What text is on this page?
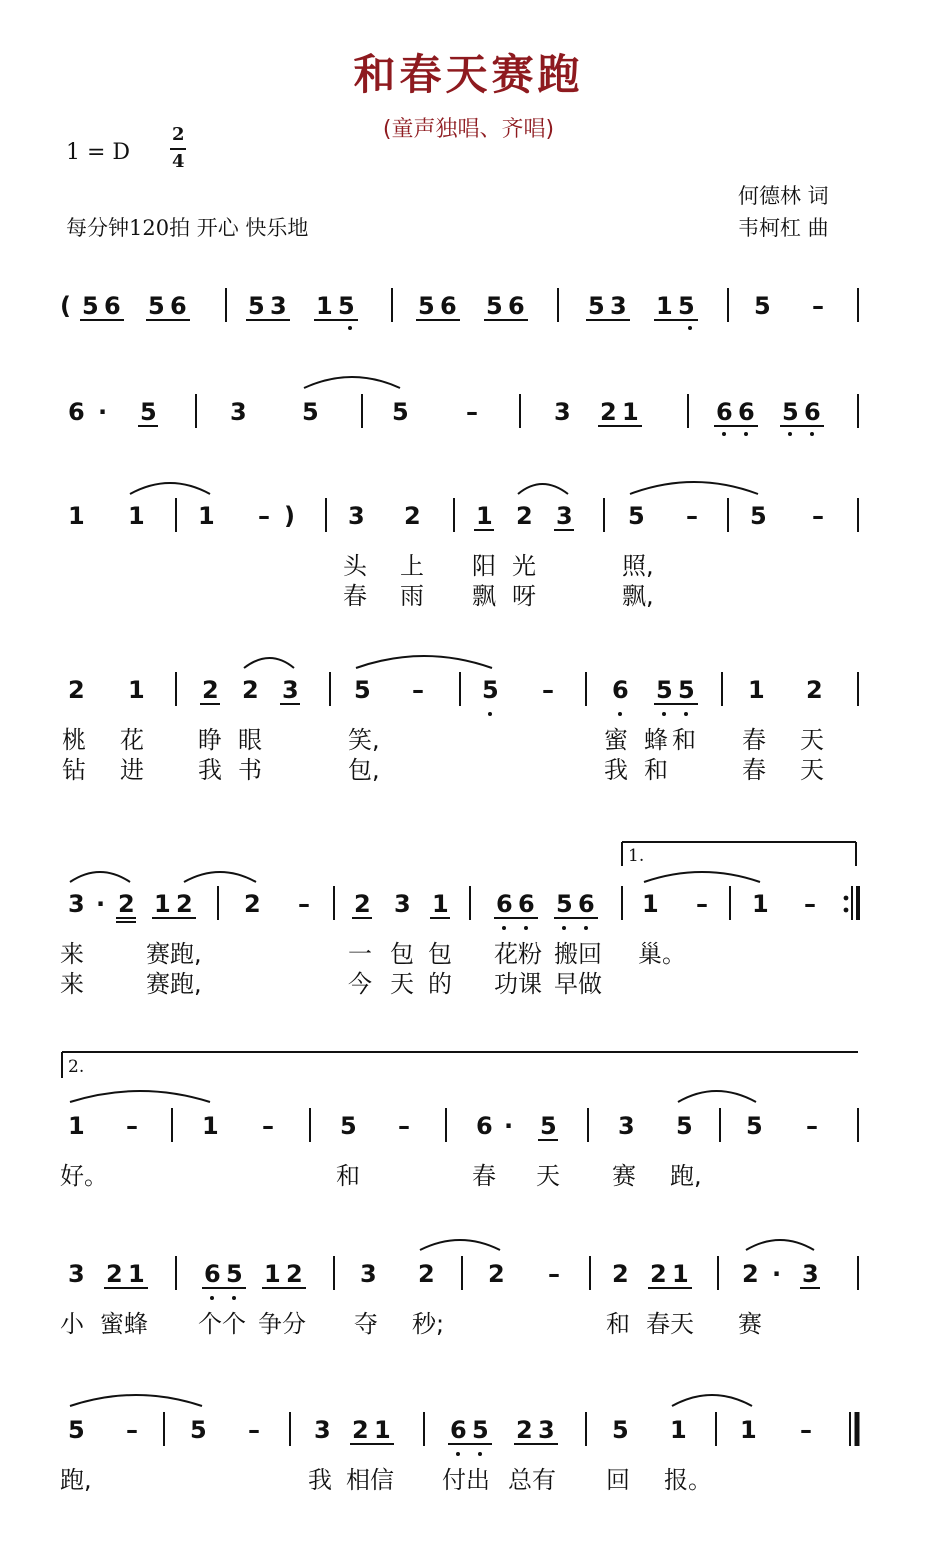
和春天赛跑
(童声独唱、齐唱)
1 = D
2
4
每分钟120拍 开心 快乐地
何德林 词
韦柯杠 曲
( 5 6 5 6	5 3 1 5	5 6 5 6	5 3 1 5 5 –
6 · 5	3 5	5 –	3 2 1	6 6 5 6
1 1 1 – ) 3 2 1 2 3 5 – 5 –
头 上 阳 光	照,
春 雨 飘 呀	飘,
2 1 2 2 3 5 – 5 – 6 5 5 1 2
桃 花 睁 眼	笑,	蜜 蜂 和 春 天
钻 进 我 书	包,	我 和	春 天
1.
3 · 2 1 2 2 – 2 3 1 6 6 5 6 1 – 1 –
来	赛跑,	一 包 包 花粉 搬回 巢。
来	赛跑,	今 天 的 功课 早做
2.
1 –	1 –	5 –	6 · 5	3 5 5 –
好。	和	春 天 赛 跑,
3 2 1 6 5 1 2 3 2 2 – 2 2 1 2 · 3
小 蜜蜂 个个 争分 夺 秒;	和 春天 赛
5 – 5 – 3 2 1 6 5 2 3 5 1 1 –
跑,	我 相信 付出 总有 回 报。
